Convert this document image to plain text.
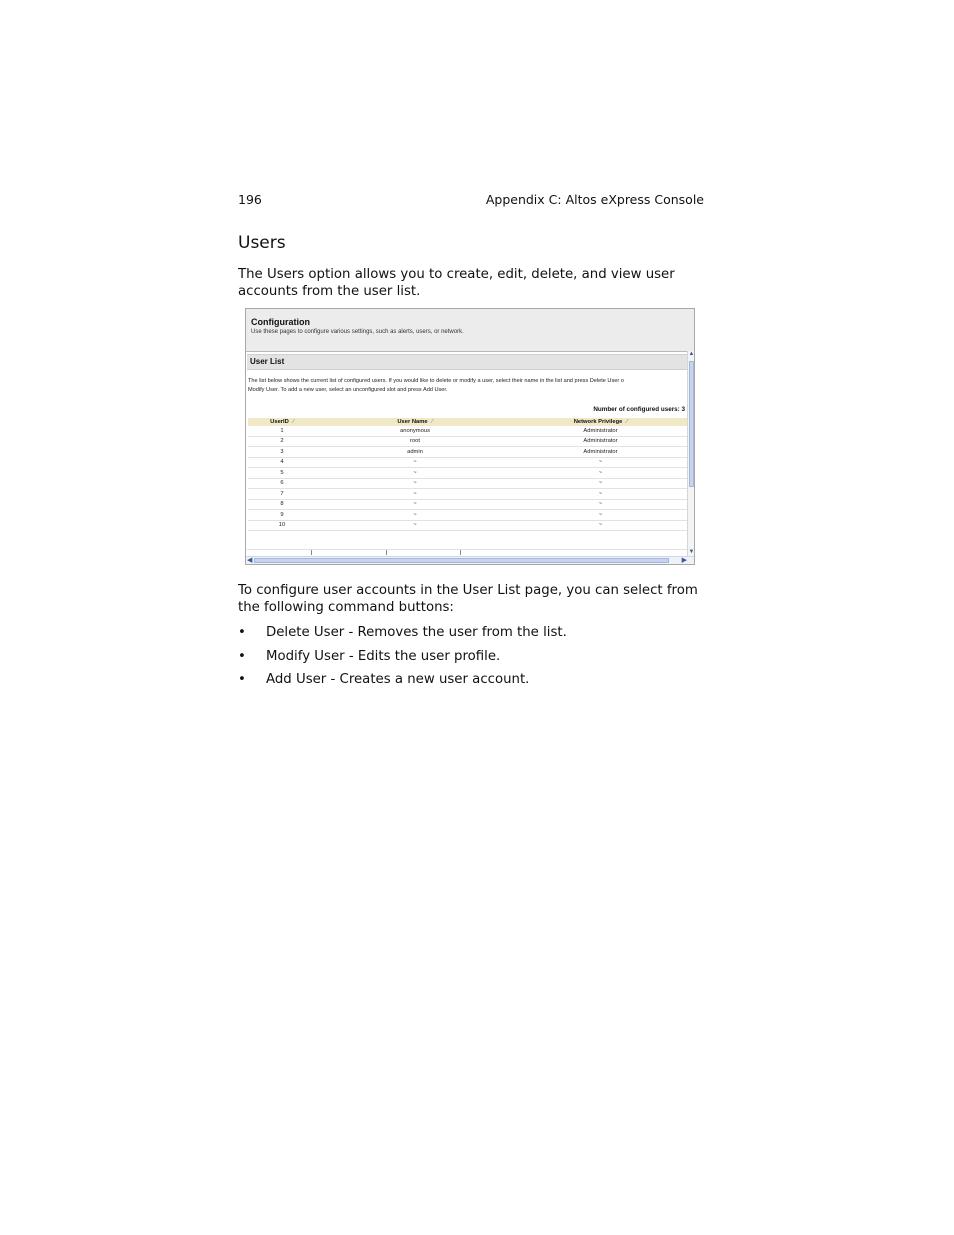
196	Appendix C: Altos eXpress Console
Users

The Users option allows you to create, edit, delete, and view user accounts from the user list.

Configuration
Use these pages to configure various settings, such as alerts, users, or network.
User List
The list below shows the current list of configured users. If you would like to delete or modify a user, select their name in the list and press Delete User o
Modify User. To add a new user, select an unconfigured slot and press Add User.
Number of configured users: 3
UserID ⁄	User Name ⁄	Network Privilege ⁄
1	anonymous	Administrator
2	root	Administrator
3	admin	Administrator
4	~	~
5	~	~
6	~	~
7	~	~
8	~	~
9	~	~
10	~	~
▲
▼
◀	▶

To configure user accounts in the User List page, you can select from the following command buttons:

• Delete User - Removes the user from the list.
• Modify User - Edits the user profile.
• Add User - Creates a new user account.
